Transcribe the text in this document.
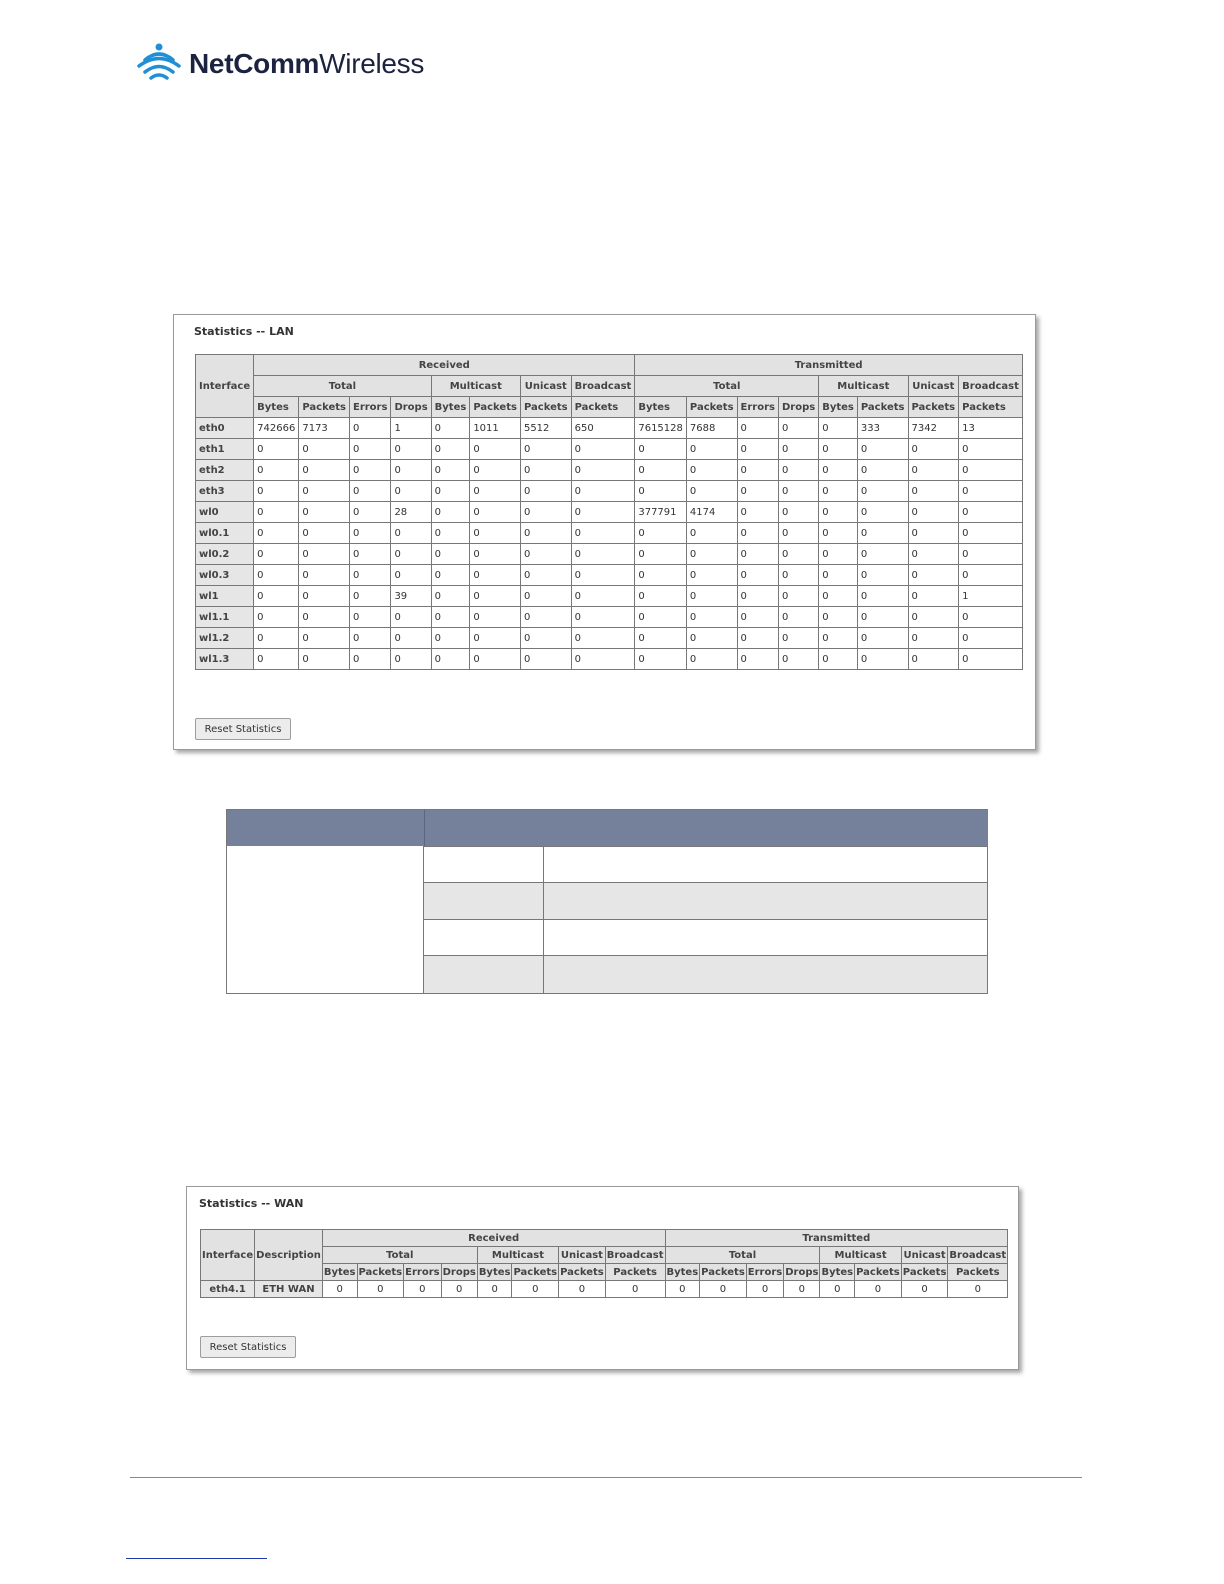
NetCommWireless
Statistics -- LAN
Interface	Received								Transmitted							
	Total				Multicast		Unicast	Broadcast	Total				Multicast		Unicast	Broadcast
	Bytes	Packets	Errors	Drops	Bytes	Packets	Packets	Packets	Bytes	Packets	Errors	Drops	Bytes	Packets	Packets	Packets
eth0	742666	7173	0	1	0	1011	5512	650	7615128	7688	0	0	0	333	7342	13
eth1	0	0	0	0	0	0	0	0	0	0	0	0	0	0	0	0
eth2	0	0	0	0	0	0	0	0	0	0	0	0	0	0	0	0
eth3	0	0	0	0	0	0	0	0	0	0	0	0	0	0	0	0
wl0	0	0	0	28	0	0	0	0	377791	4174	0	0	0	0	0	0
wl0.1	0	0	0	0	0	0	0	0	0	0	0	0	0	0	0	0
wl0.2	0	0	0	0	0	0	0	0	0	0	0	0	0	0	0	0
wl0.3	0	0	0	0	0	0	0	0	0	0	0	0	0	0	0	0
wl1	0	0	0	39	0	0	0	0	0	0	0	0	0	0	0	1
wl1.1	0	0	0	0	0	0	0	0	0	0	0	0	0	0	0	0
wl1.2	0	0	0	0	0	0	0	0	0	0	0	0	0	0	0	0
wl1.3	0	0	0	0	0	0	0	0	0	0	0	0	0	0	0	0
Reset Statistics
Statistics -- WAN
Interface	Description	Received								Transmitted							
		Total				Multicast		Unicast	Broadcast	Total				Multicast		Unicast	Broadcast
		Bytes	Packets	Errors	Drops	Bytes	Packets	Packets	Packets	Bytes	Packets	Errors	Drops	Bytes	Packets	Packets	Packets
eth4.1	ETH WAN	0	0	0	0	0	0	0	0	0	0	0	0	0	0	0	0
Reset Statistics
